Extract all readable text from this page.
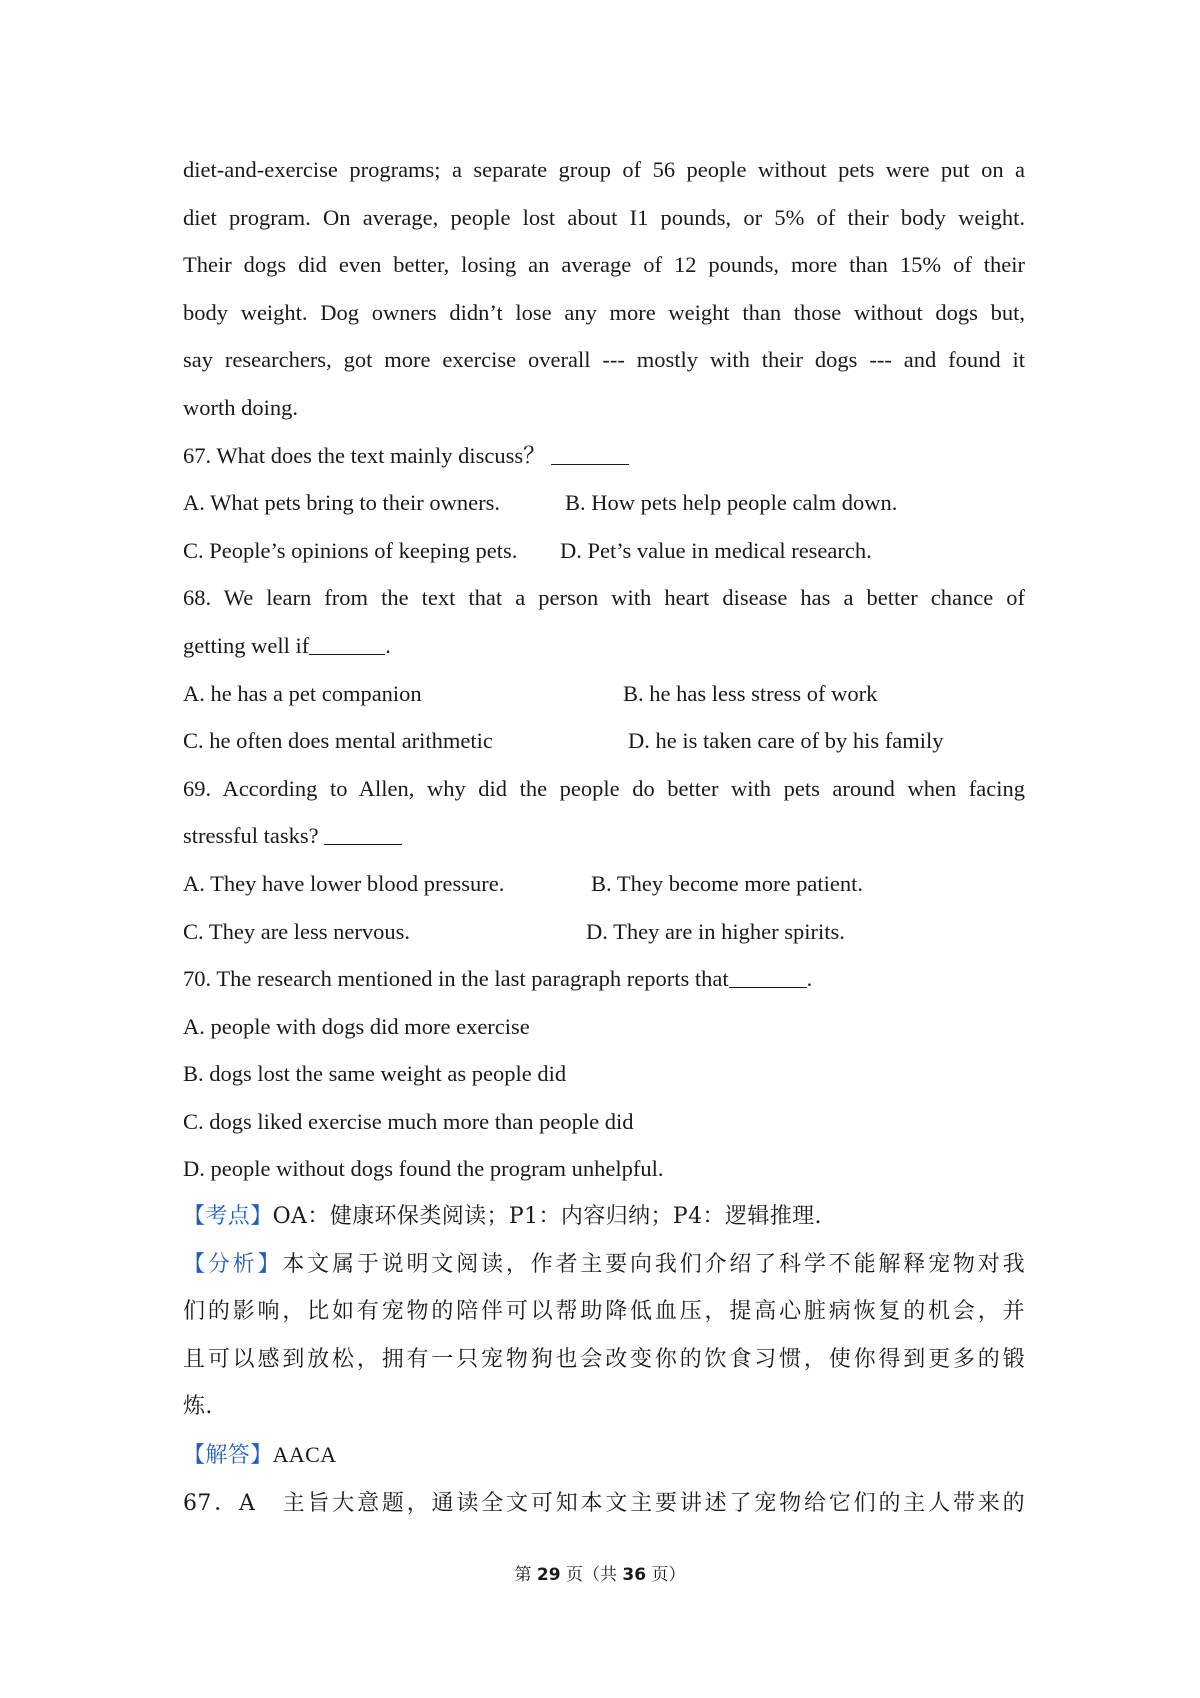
diet-and-exercise programs; a separate group of 56 people without pets were put on a

diet program. On average, people lost about I1 pounds, or 5% of their body weight.

Their dogs did even better, losing an average of 12 pounds, more than 15% of their

body weight. Dog owners didn’t lose any more weight than those without dogs but,

say researchers, got more exercise overall --- mostly with their dogs --- and found it

worth doing.

67. What does the text mainly discuss？

A. What pets bring to their owners.	B. How pets help people calm down.
C. People’s opinions of keeping pets.	D. Pet’s value in medical research.

68. We learn from the text that a person with heart disease has a better chance of

getting well if	.

A. he has a pet companion	B. he has less stress of work
C. he often does mental arithmetic	D. he is taken care of by his family

69. According to Allen, why did the people do better with pets around when facing

stressful tasks?

A. They have lower blood pressure.	B. They become more patient.
C. They are less nervous.	D. They are in higher spirits.

70. The research mentioned in the last paragraph reports that	.

A. people with dogs did more exercise

B. dogs lost the same weight as people did

C. dogs liked exercise much more than people did

D. people without dogs found the program unhelpful.

【考点】OA：健康环保类阅读；P1：内容归纳；P4：逻辑推理.

【分析】本文属于说明文阅读，作者主要向我们介绍了科学不能解释宠物对我

们的影响，比如有宠物的陪伴可以帮助降低血压，提高心脏病恢复的机会，并

且可以感到放松，拥有一只宠物狗也会改变你的饮食习惯，使你得到更多的锻

炼.

【解答】AACA

67．A　主旨大意题，通读全文可知本文主要讲述了宠物给它们的主人带来的

第 29 页（共 36 页）
